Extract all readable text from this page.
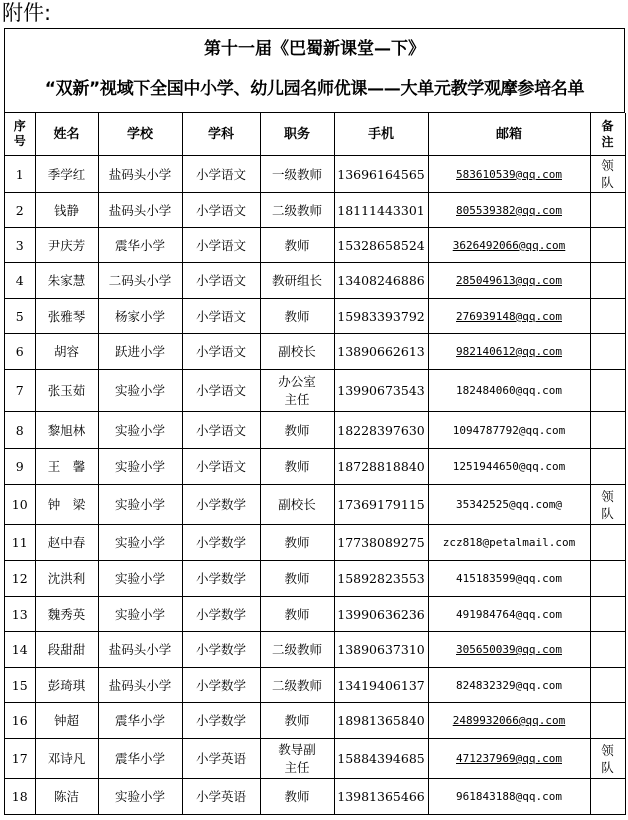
附件:
第十一届《巴蜀新课堂—下》
“双新”视域下全国中小学、幼儿园名师优课——大单元教学观摩参培名单
序号	姓名	学校	学科	职务	手机	邮箱	备注
1	季学红	盐码头小学	小学语文	一级教师	13696164565	583610539@qq.com	领队
2	钱静	盐码头小学	小学语文	二级教师	18111443301	805539382@qq.com	
3	尹庆芳	震华小学	小学语文	教师	15328658524	3626492066@qq.com	
4	朱家慧	二码头小学	小学语文	教研组长	13408246886	285049613@qq.com	
5	张雅琴	杨家小学	小学语文	教师	15983393792	276939148@qq.com	
6	胡容	跃进小学	小学语文	副校长	13890662613	982140612@qq.com	
7	张玉茹	实验小学	小学语文	办公室主任	13990673543	182484060@qq.com	
8	黎旭林	实验小学	小学语文	教师	18228397630	1094787792@qq.com	
9	王　馨	实验小学	小学语文	教师	18728818840	1251944650@qq.com	
10	钟　梁	实验小学	小学数学	副校长	17369179115	35342525@qq.com@	领队
11	赵中春	实验小学	小学数学	教师	17738089275	zcz818@petalmail.com	
12	沈洪利	实验小学	小学数学	教师	15892823553	415183599@qq.com	
13	魏秀英	实验小学	小学数学	教师	13990636236	491984764@qq.com	
14	段甜甜	盐码头小学	小学数学	二级教师	13890637310	305650039@qq.com	
15	彭琦琪	盐码头小学	小学数学	二级教师	13419406137	824832329@qq.com	
16	钟超	震华小学	小学数学	教师	18981365840	2489932066@qq.com	
17	邓诗凡	震华小学	小学英语	教导副主任	15884394685	471237969@qq.com	领队
18	陈洁	实验小学	小学英语	教师	13981365466	961843188@qq.com	
